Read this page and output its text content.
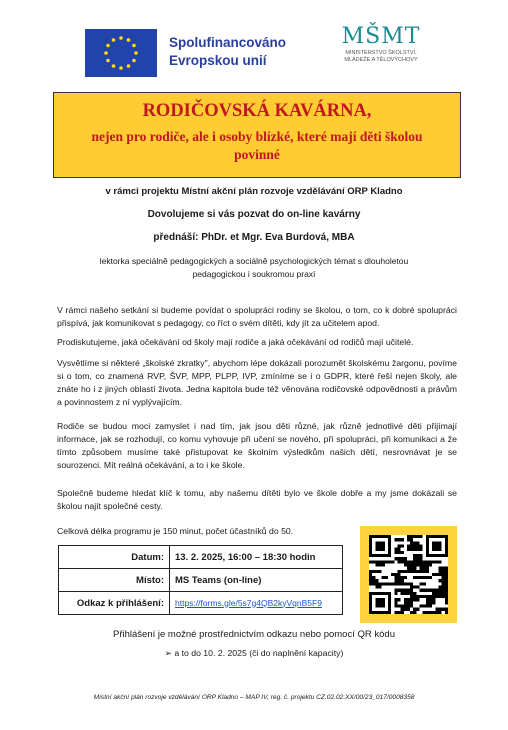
Spolufinancováno
Evropskou unií
MŠMT
MINISTERSTVO ŠKOLSTVÍ,
MLÁDEŽE A TĚLOVÝCHOVY
RODIČOVSKÁ KAVÁRNA,
nejen pro rodiče, ale i osoby blízké, které mají děti školou povinné
v rámci projektu Místní akční plán rozvoje vzdělávání ORP Kladno
Dovolujeme si vás pozvat do on-line kavárny
přednáší: PhDr. et Mgr. Eva Burdová, MBA
lektorka speciálně pedagogických a sociálně psychologických témat s dlouholetou pedagogickou i soukromou praxí
V rámci našeho setkání si budeme povídat o spolupráci rodiny se školou, o tom, co k dobré spolupráci přispívá, jak komunikovat s pedagogy, co říct o svém dítěti, kdy jít za učitelem apod.
Prodiskutujeme, jaká očekávání od školy mají rodiče a jaká očekávání od rodičů mají učitelé.
Vysvětlíme si některé „školské zkratky", abychom lépe dokázali porozumět školskému žargonu, povíme si o tom, co znamená RVP, ŠVP, MPP, PLPP, IVP, zmíníme se i o GDPR, které řeší nejen školy, ale znáte ho i z jiných oblastí života. Jedna kapitola bude též věnována rodičovské odpovědnosti a právům a povinnostem z ní vyplývajícím.
Rodiče se budou moci zamyslet i nad tím, jak jsou děti různé, jak různě jednotlivé děti přijímají informace, jak se rozhodují, co komu vyhovuje při učení se nového, při spolupráci, při komunikaci a že tímto způsobem musíme také přistupovat ke školním výsledkům našich dětí, nesrovnávat je se sourozenci. Mít reálná očekávání, a to i ke škole.
Společně budeme hledat klíč k tomu, aby našemu dítěti bylo ve škole dobře a my jsme dokázali se školou najít společné cesty.
Celková délka programu je 150 minut, počet účastníků do 50.
Datum:	13. 2. 2025, 16:00 – 18:30 hodin
Místo:	MS Teams (on-line)
Odkaz k přihlášení:	https://forms.gle/5s7g4QB2kyVqnB5F9
Přihlášení je možné prostřednictvím odkazu nebo pomocí QR kódu
➢ a to do 10. 2. 2025 (či do naplnění kapacity)
Místní akční plán rozvoje vzdělávání ORP Kladno – MAP IV, reg. č. projektu CZ.02.02.XX/00/23_017/0008358
